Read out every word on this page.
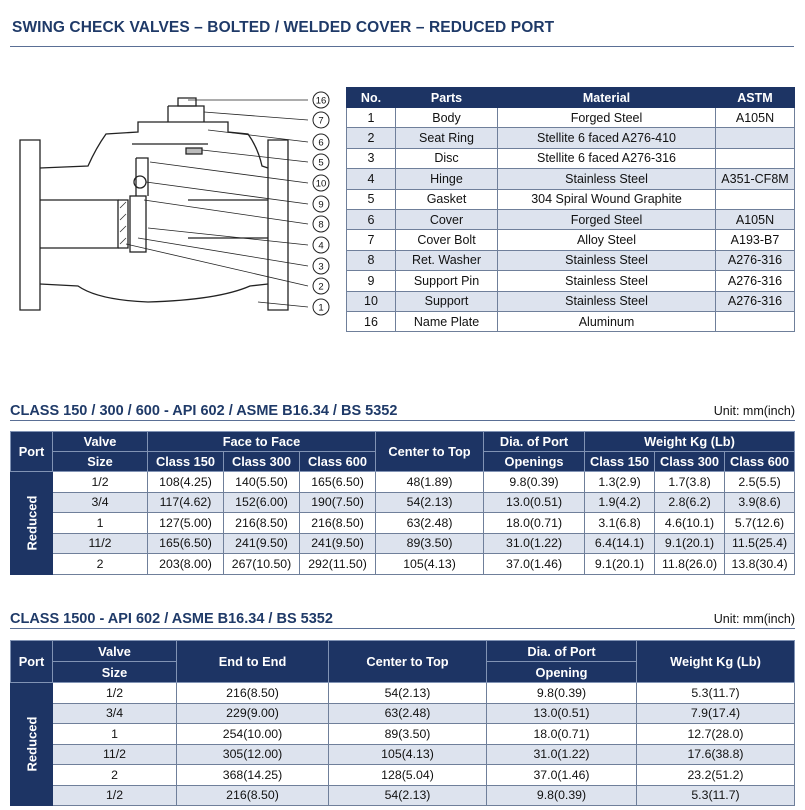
SWING CHECK VALVES – BOLTED / WELDED COVER – REDUCED PORT
16
7
6
5
10
9
8
4
3
2
1
No.	Parts	Material	ASTM
1	Body	Forged Steel	A105N
2	Seat Ring	Stellite 6 faced A276-410	
3	Disc	Stellite 6 faced A276-316	
4	Hinge	Stainless Steel	A351-CF8M
5	Gasket	304 Spiral Wound Graphite	
6	Cover	Forged Steel	A105N
7	Cover Bolt	Alloy Steel	A193-B7
8	Ret. Washer	Stainless Steel	A276-316
9	Support Pin	Stainless Steel	A276-316
10	Support	Stainless Steel	A276-316
16	Name Plate	Aluminum	
CLASS 150 / 300 / 600 - API 602 / ASME B16.34 / BS 5352	Unit: mm(inch)
Port	Valve	Face to Face			Center to Top	Dia. of Port	Weight Kg (Lb)		
	Size	Class 150	Class 300	Class 600		Openings	Class 150	Class 300	Class 600

Reduced	1/2	108(4.25)	140(5.50)	165(6.50)	48(1.89)	9.8(0.39)	1.3(2.9)	1.7(3.8)	2.5(5.5)
	3/4	117(4.62)	152(6.00)	190(7.50)	54(2.13)	13.0(0.51)	1.9(4.2)	2.8(6.2)	3.9(8.6)
	1	127(5.00)	216(8.50)	216(8.50)	63(2.48)	18.0(0.71)	3.1(6.8)	4.6(10.1)	5.7(12.6)
	11/2	165(6.50)	241(9.50)	241(9.50)	89(3.50)	31.0(1.22)	6.4(14.1)	9.1(20.1)	11.5(25.4)
	2	203(8.00)	267(10.50)	292(11.50)	105(4.13)	37.0(1.46)	9.1(20.1)	11.8(26.0)	13.8(30.4)
CLASS 1500 - API 602 / ASME B16.34 / BS 5352	Unit: mm(inch)
Port	Valve	End to End	Center to Top	Dia. of Port	Weight Kg (Lb)
	Size			Opening	

Reduced	1/2	216(8.50)	54(2.13)	9.8(0.39)	5.3(11.7)
	3/4	229(9.00)	63(2.48)	13.0(0.51)	7.9(17.4)
	1	254(10.00)	89(3.50)	18.0(0.71)	12.7(28.0)
	11/2	305(12.00)	105(4.13)	31.0(1.22)	17.6(38.8)
	2	368(14.25)	128(5.04)	37.0(1.46)	23.2(51.2)
	1/2	216(8.50)	54(2.13)	9.8(0.39)	5.3(11.7)
